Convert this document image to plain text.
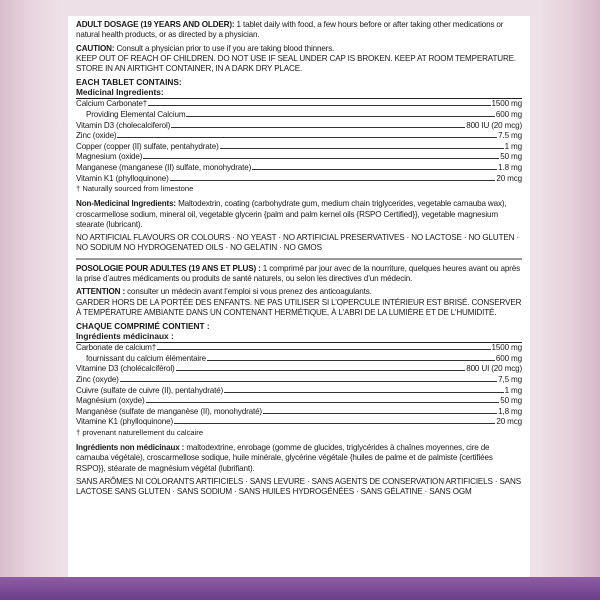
ADULT DOSAGE (19 YEARS AND OLDER): 1 tablet daily with food, a few hours before or after taking other medications or natural health products, or as directed by a physician.

CAUTION: Consult a physician prior to use if you are taking blood thinners.

KEEP OUT OF REACH OF CHILDREN. DO NOT USE IF SEAL UNDER CAP IS BROKEN. KEEP AT ROOM TEMPERATURE. STORE IN AN AIRTIGHT CONTAINER, IN A DARK DRY PLACE.

EACH TABLET CONTAINS:
Medicinal Ingredients:
Calcium Carbonate†	1500 mg
Providing Elemental Calcium	600 mg
Vitamin D3 (cholecalciferol)	800 IU (20 mcg)
Zinc (oxide)	7.5 mg
Copper (copper (II) sulfate, pentahydrate)	1 mg
Magnesium (oxide)	50 mg
Manganese (manganese (II) sulfate, monohydrate)	1.8 mg
Vitamin K1 (phylloquinone)	20 mcg
† Naturally sourced from limestone

Non-Medicinal Ingredients: Maltodextrin, coating (carbohydrate gum, medium chain triglycerides, vegetable carnauba wax), croscarmellose sodium, mineral oil, vegetable glycerin {palm and palm kernel oils {RSPO Certified}}, vegetable magnesium stearate (lubricant).

NO ARTIFICIAL FLAVOURS OR COLOURS · NO YEAST · NO ARTIFICIAL PRESERVATIVES · NO LACTOSE · NO GLUTEN · NO SODIUM NO HYDROGENATED OILS · NO GELATIN · NO GMOS

POSOLOGIE POUR ADULTES (19 ANS ET PLUS) : 1 comprimé par jour avec de la nourriture, quelques heures avant ou après la prise d’autres médicaments ou produits de santé naturels, ou selon les directives d’un médecin.

ATTENTION : consulter un médecin avant l’emploi si vous prenez des anticoagulants.

GARDER HORS DE LA PORTÉE DES ENFANTS. NE PAS UTILISER SI L’OPERCULE INTÉRIEUR EST BRISÉ. CONSERVER À TEMPÉRATURE AMBIANTE DANS UN CONTENANT HERMÉTIQUE, À L’ABRI DE LA LUMIÈRE ET DE L’HUMIDITÉ.

CHAQUE COMPRIMÉ CONTIENT :
Ingrédients médicinaux :
Carbonate de calcium†	1500 mg
fournissant du calcium élémentaire	600 mg
Vitamine D3 (cholécalciférol)	800 UI (20 mcg)
Zinc (oxyde)	7,5 mg
Cuivre (sulfate de cuivre (II), pentahydraté)	1 mg
Magnésium (oxyde)	50 mg
Manganèse (sulfate de manganèse (II), monohydraté)	1,8 mg
Vitamine K1 (phylloquinone)	20 mcg
† provenant naturellement du calcaire

Ingrédients non médicinaux : maltodextrine, enrobage (gomme de glucides, triglycérides à chaînes moyennes, cire de carnauba végétale), croscarmellose sodique, huile minérale, glycérine végétale {huiles de palme et de palmiste {certifiées RSPO}}, stéarate de magnésium végétal (lubrifiant).

SANS ARÔMES NI COLORANTS ARTIFICIELS · SANS LEVURE · SANS AGENTS DE CONSERVATION ARTIFICIELS · SANS LACTOSE SANS GLUTEN · SANS SODIUM · SANS HUILES HYDROGÉNÉES · SANS GÉLATINE · SANS OGM
